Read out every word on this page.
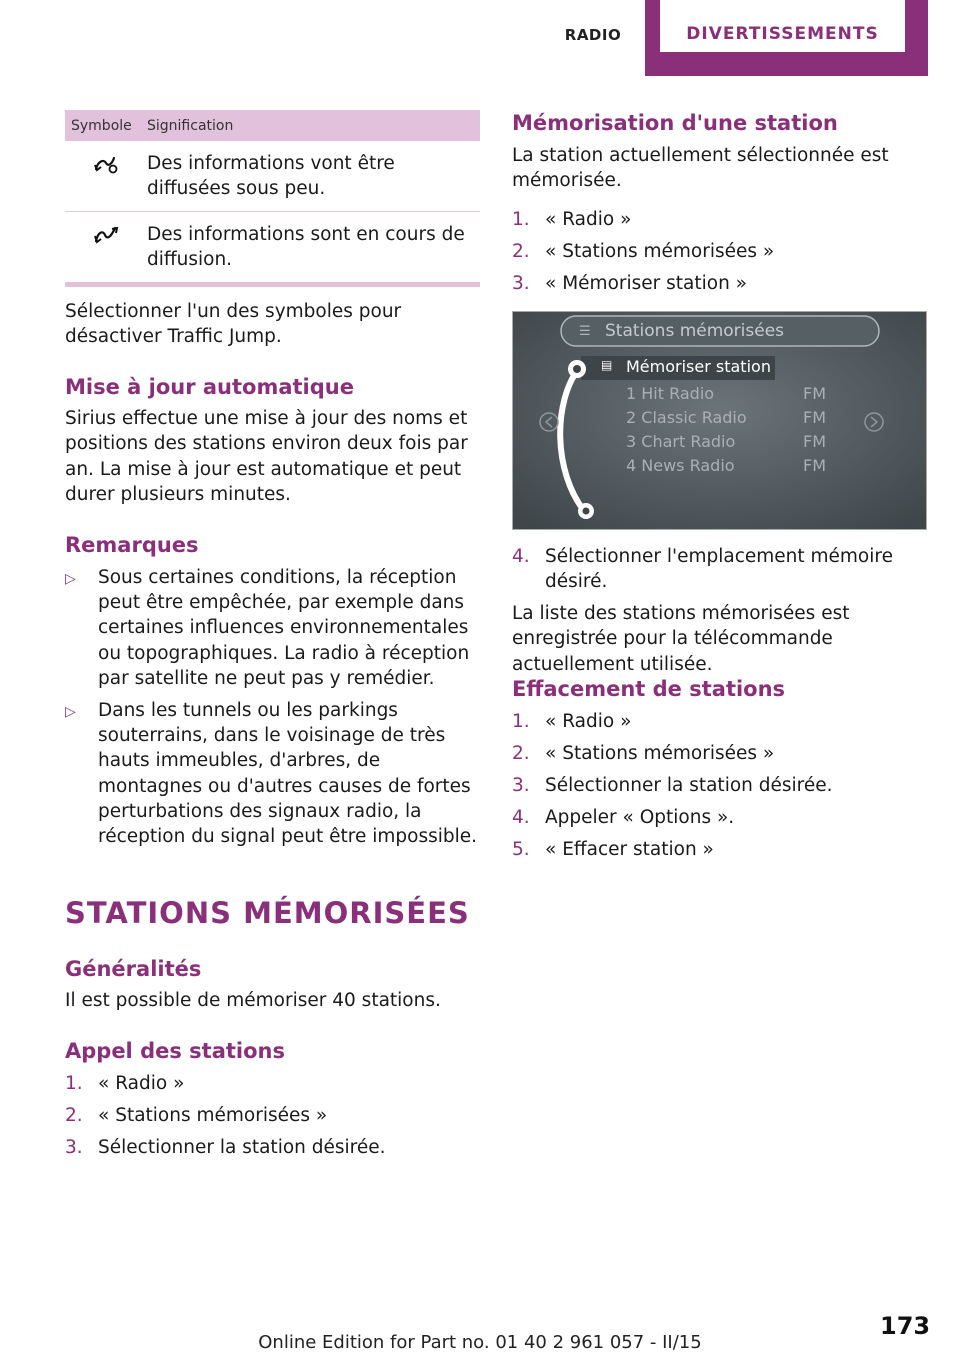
RADIO	DIVERTISSEMENTS
Symbole	Signification
Des informations vont être diffusées sous peu.
Des informations sont en cours de diffusion.

Sélectionner l'un des symboles pour désactiver Traffic Jump.

Mise à jour automatique

Sirius effectue une mise à jour des noms et positions des stations environ deux fois par an. La mise à jour est automatique et peut durer plusieurs minutes.

Remarques
▷	Sous certaines conditions, la réception peut être empêchée, par exemple dans certaines influences environnementales ou topographiques. La radio à réception par satellite ne peut pas y remédier.
▷	Dans les tunnels ou les parkings souterrains, dans le voisinage de très hauts immeubles, d'arbres, de montagnes ou d'autres causes de fortes perturbations des signaux radio, la réception du signal peut être impossible.
STATIONS MÉMORISÉES
Généralités

Il est possible de mémoriser 40 stations.

Appel des stations
1. « Radio »
2. « Stations mémorisées »
3. Sélectionner la station désirée.
Mémorisation d'une station

La station actuellement sélectionnée est mémorisée.

1. « Radio »
2. « Stations mémorisées »
3. « Mémoriser station »
☰ Stations mémorisées
▤ Mémoriser station
1 Hit Radio	FM
2 Classic Radio	FM
3 Chart Radio	FM
4 News Radio	FM
4. Sélectionner l'emplacement mémoire désiré.

La liste des stations mémorisées est enregistrée pour la télécommande actuellement utilisée.

Effacement de stations
1. « Radio »
2. « Stations mémorisées »
3. Sélectionner la station désirée.
4. Appeler « Options ».
5. « Effacer station »
173
Online Edition for Part no. 01 40 2 961 057 - II/15
